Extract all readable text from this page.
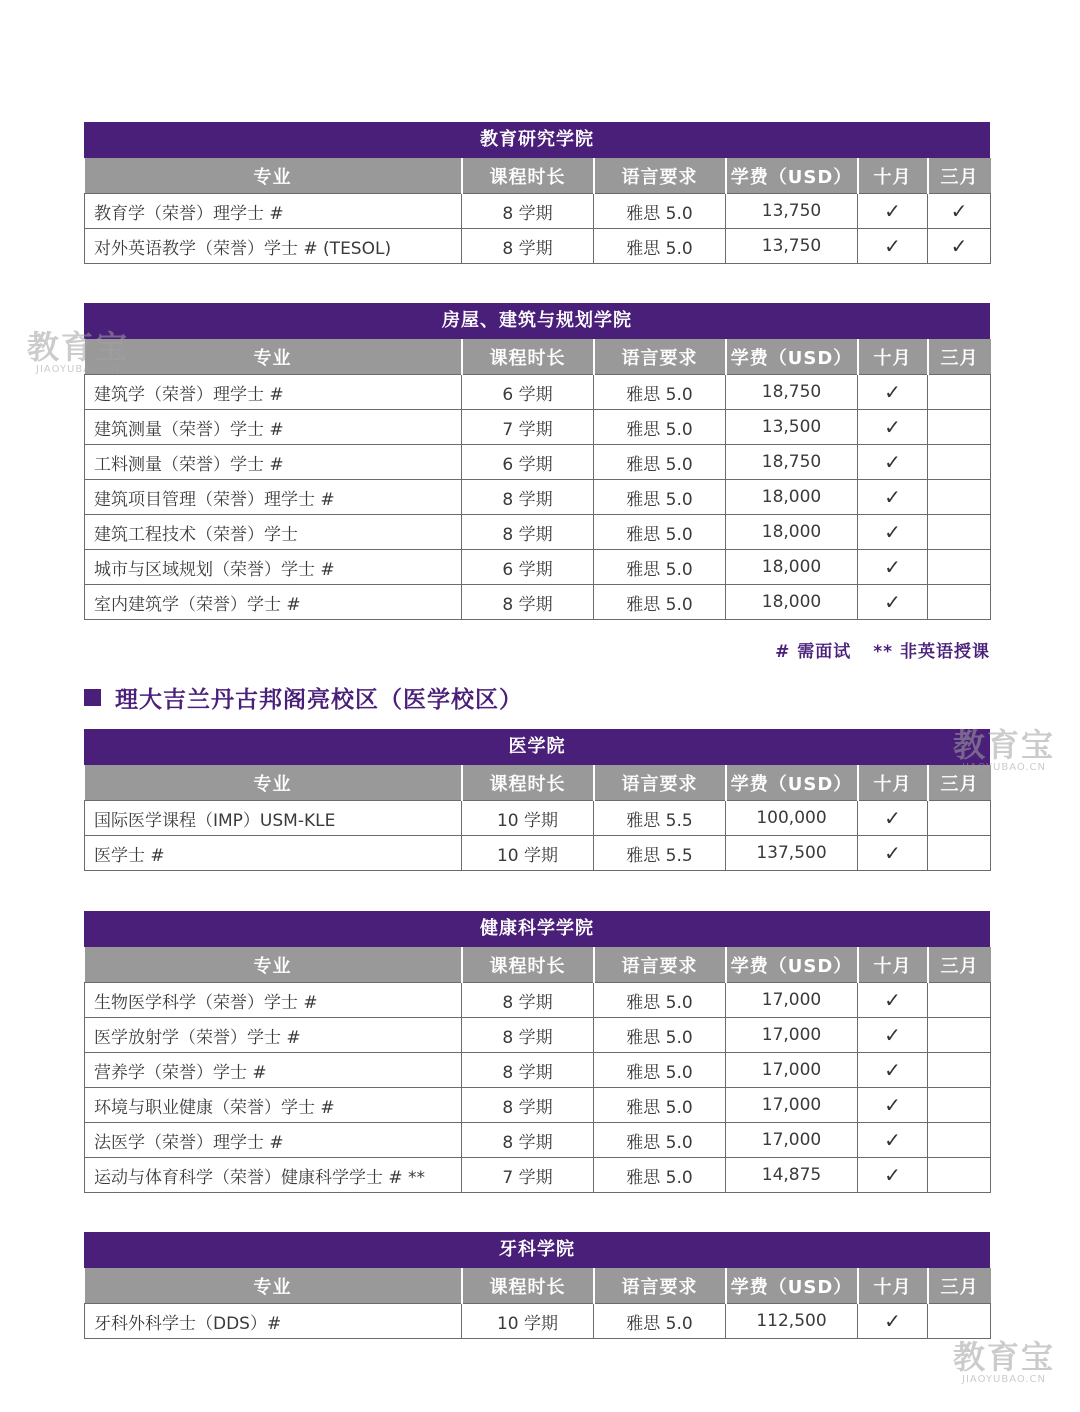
教育研究学院
专业	课程时长	语言要求	学费（USD）	十月	三月
教育学（荣誉）理学士 #	8 学期	雅思 5.0	13,750	✓	✓
对外英语教学（荣誉）学士 # (TESOL)	8 学期	雅思 5.0	13,750	✓	✓
房屋、建筑与规划学院
专业	课程时长	语言要求	学费（USD）	十月	三月
建筑学（荣誉）理学士 #	6 学期	雅思 5.0	18,750	✓	
建筑测量（荣誉）学士 #	7 学期	雅思 5.0	13,500	✓	
工料测量（荣誉）学士 #	6 学期	雅思 5.0	18,750	✓	
建筑项目管理（荣誉）理学士 #	8 学期	雅思 5.0	18,000	✓	
建筑工程技术（荣誉）学士	8 学期	雅思 5.0	18,000	✓	
城市与区域规划（荣誉）学士 #	6 学期	雅思 5.0	18,000	✓	
室内建筑学（荣誉）学士 #	8 学期	雅思 5.0	18,000	✓	
# 需面试 ** 非英语授课
理大吉兰丹古邦阁亮校区（医学校区）
医学院
专业	课程时长	语言要求	学费（USD）	十月	三月
国际医学课程（IMP）USM-KLE	10 学期	雅思 5.5	100,000	✓	
医学士 #	10 学期	雅思 5.5	137,500	✓	
健康科学学院
专业	课程时长	语言要求	学费（USD）	十月	三月
生物医学科学（荣誉）学士 #	8 学期	雅思 5.0	17,000	✓	
医学放射学（荣誉）学士 #	8 学期	雅思 5.0	17,000	✓	
营养学（荣誉）学士 #	8 学期	雅思 5.0	17,000	✓	
环境与职业健康（荣誉）学士 #	8 学期	雅思 5.0	17,000	✓	
法医学（荣誉）理学士 #	8 学期	雅思 5.0	17,000	✓	
运动与体育科学（荣誉）健康科学学士 # **	7 学期	雅思 5.0	14,875	✓	
牙科学院
专业	课程时长	语言要求	学费（USD）	十月	三月
牙科外科学士（DDS）#	10 学期	雅思 5.0	112,500	✓	
教育宝
JIAOYUBAO.CN
教育宝
JIAOYUBAO.CN
教育宝
JIAOYUBAO.CN
